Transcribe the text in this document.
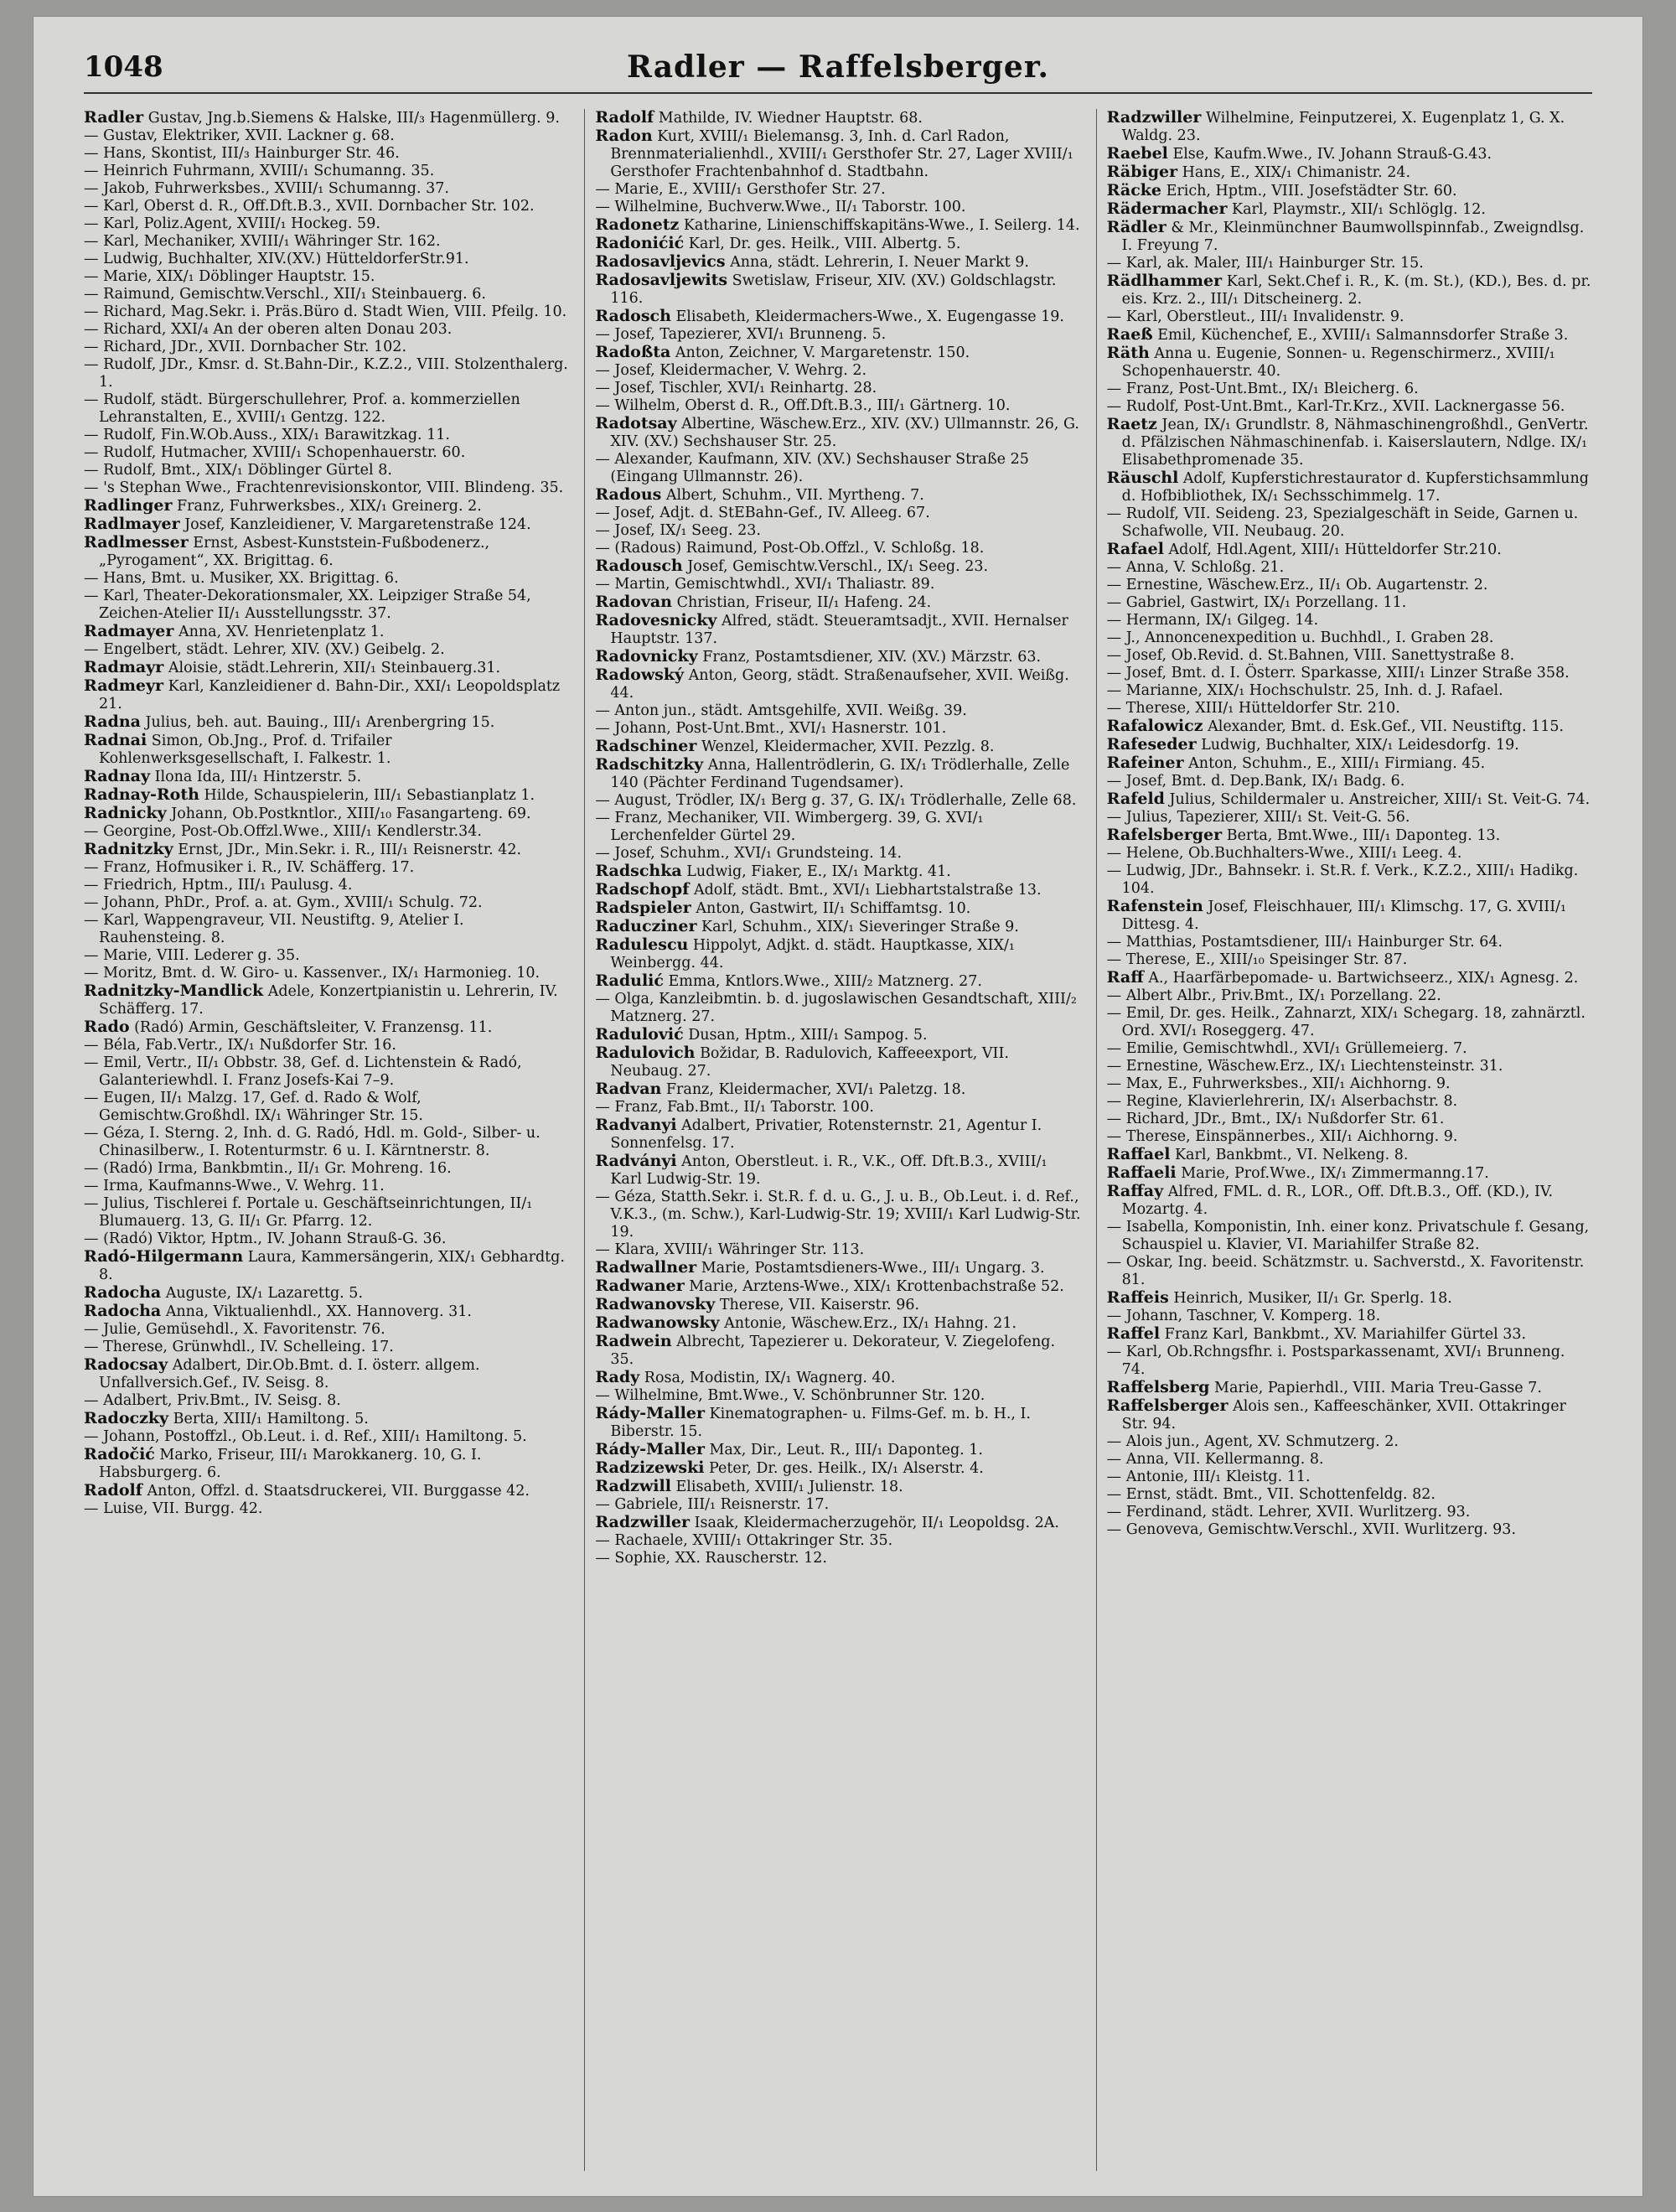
1048	Radler — Raffelsberger.

Radler Gustav, Jng.b.Siemens & Halske, III/₃ Hagenmüllerg. 9.

— Gustav, Elektriker, XVII. Lackner g. 68.

— Hans, Skontist, III/₃ Hainburger Str. 46.

— Heinrich Fuhrmann, XVIII/₁ Schumanng. 35.

— Jakob, Fuhrwerksbes., XVIII/₁ Schumanng. 37.

— Karl, Oberst d. R., Off.Dft.B.3., XVII. Dornbacher Str. 102.

— Karl, Poliz.Agent, XVIII/₁ Hockeg. 59.

— Karl, Mechaniker, XVIII/₁ Währinger Str. 162.

— Ludwig, Buchhalter, XIV.(XV.) HütteldorferStr.91.

— Marie, XIX/₁ Döblinger Hauptstr. 15.

— Raimund, Gemischtw.Verschl., XII/₁ Steinbauerg. 6.

— Richard, Mag.Sekr. i. Präs.Büro d. Stadt Wien, VIII. Pfeilg. 10.

— Richard, XXI/₄ An der oberen alten Donau 203.

— Richard, JDr., XVII. Dornbacher Str. 102.

— Rudolf, JDr., Kmsr. d. St.Bahn-Dir., K.Z.2., VIII. Stolzenthalerg. 1.

— Rudolf, städt. Bürgerschullehrer, Prof. a. kommerziellen Lehranstalten, E., XVIII/₁ Gentzg. 122.

— Rudolf, Fin.W.Ob.Auss., XIX/₁ Barawitzkag. 11.

— Rudolf, Hutmacher, XVIII/₁ Schopenhauerstr. 60.

— Rudolf, Bmt., XIX/₁ Döblinger Gürtel 8.

— 's Stephan Wwe., Frachtenrevisionskontor, VIII. Blindeng. 35.

Radlinger Franz, Fuhrwerksbes., XIX/₁ Greinerg. 2.

Radlmayer Josef, Kanzleidiener, V. Margaretenstraße 124.

Radlmesser Ernst, Asbest-Kunststein-Fußbodenerz., „Pyrogament“, XX. Brigittag. 6.

— Hans, Bmt. u. Musiker, XX. Brigittag. 6.

— Karl, Theater-Dekorationsmaler, XX. Leipziger Straße 54, Zeichen-Atelier II/₁ Ausstellungsstr. 37.

Radmayer Anna, XV. Henrietenplatz 1.

— Engelbert, städt. Lehrer, XIV. (XV.) Geibelg. 2.

Radmayr Aloisie, städt.Lehrerin, XII/₁ Steinbauerg.31.

Radmeyr Karl, Kanzleidiener d. Bahn-Dir., XXI/₁ Leopoldsplatz 21.

Radna Julius, beh. aut. Bauing., III/₁ Arenbergring 15.

Radnai Simon, Ob.Jng., Prof. d. Trifailer Kohlenwerksgesellschaft, I. Falkestr. 1.

Radnay Ilona Ida, III/₁ Hintzerstr. 5.

Radnay-Roth Hilde, Schauspielerin, III/₁ Sebastianplatz 1.

Radnicky Johann, Ob.Postkntlor., XIII/₁₀ Fasangarteng. 69.

— Georgine, Post-Ob.Offzl.Wwe., XIII/₁ Kendlerstr.34.

Radnitzky Ernst, JDr., Min.Sekr. i. R., III/₁ Reisnerstr. 42.

— Franz, Hofmusiker i. R., IV. Schäfferg. 17.

— Friedrich, Hptm., III/₁ Paulusg. 4.

— Johann, PhDr., Prof. a. at. Gym., XVIII/₁ Schulg. 72.

— Karl, Wappengraveur, VII. Neustiftg. 9, Atelier I. Rauhensteing. 8.

— Marie, VIII. Lederer g. 35.

— Moritz, Bmt. d. W. Giro- u. Kassenver., IX/₁ Harmonieg. 10.

Radnitzky-Mandlick Adele, Konzertpianistin u. Lehrerin, IV. Schäfferg. 17.

Rado (Radó) Armin, Geschäftsleiter, V. Franzensg. 11.

— Béla, Fab.Vertr., IX/₁ Nußdorfer Str. 16.

— Emil, Vertr., II/₁ Obbstr. 38, Gef. d. Lichtenstein & Radó, Galanteriewhdl. I. Franz Josefs-Kai 7–9.

— Eugen, II/₁ Malzg. 17, Gef. d. Rado & Wolf, Gemischtw.Großhdl. IX/₁ Währinger Str. 15.

— Géza, I. Sterng. 2, Inh. d. G. Radó, Hdl. m. Gold-, Silber- u. Chinasilberw., I. Rotenturmstr. 6 u. I. Kärntnerstr. 8.

— (Radó) Irma, Bankbmtin., II/₁ Gr. Mohreng. 16.

— Irma, Kaufmanns-Wwe., V. Wehrg. 11.

— Julius, Tischlerei f. Portale u. Geschäftseinrichtungen, II/₁ Blumauerg. 13, G. II/₁ Gr. Pfarrg. 12.

— (Radó) Viktor, Hptm., IV. Johann Strauß-G. 36.

Radó-Hilgermann Laura, Kammersängerin, XIX/₁ Gebhardtg. 8.

Radocha Auguste, IX/₁ Lazarettg. 5.

Radocha Anna, Viktualienhdl., XX. Hannoverg. 31.

— Julie, Gemüsehdl., X. Favoritenstr. 76.

— Therese, Grünwhdl., IV. Schelleing. 17.

Radocsay Adalbert, Dir.Ob.Bmt. d. I. österr. allgem. Unfallversich.Gef., IV. Seisg. 8.

— Adalbert, Priv.Bmt., IV. Seisg. 8.

Radoczky Berta, XIII/₁ Hamiltong. 5.

— Johann, Postoffzl., Ob.Leut. i. d. Ref., XIII/₁ Hamiltong. 5.

Radočić Marko, Friseur, III/₁ Marokkanerg. 10, G. I. Habsburgerg. 6.

Radolf Anton, Offzl. d. Staatsdruckerei, VII. Burggasse 42.

— Luise, VII. Burgg. 42.

Radolf Mathilde, IV. Wiedner Hauptstr. 68.

Radon Kurt, XVIII/₁ Bielemansg. 3, Inh. d. Carl Radon, Brennmaterialienhdl., XVIII/₁ Gersthofer Str. 27, Lager XVIII/₁ Gersthofer Frachtenbahnhof d. Stadtbahn.

— Marie, E., XVIII/₁ Gersthofer Str. 27.

— Wilhelmine, Buchverw.Wwe., II/₁ Taborstr. 100.

Radonetz Katharine, Linienschiffskapitäns-Wwe., I. Seilerg. 14.

Radonićić Karl, Dr. ges. Heilk., VIII. Albertg. 5.

Radosavljevics Anna, städt. Lehrerin, I. Neuer Markt 9.

Radosavljewits Swetislaw, Friseur, XIV. (XV.) Goldschlagstr. 116.

Radosch Elisabeth, Kleidermachers-Wwe., X. Eugengasse 19.

— Josef, Tapezierer, XVI/₁ Brunneng. 5.

Radoßta Anton, Zeichner, V. Margaretenstr. 150.

— Josef, Kleidermacher, V. Wehrg. 2.

— Josef, Tischler, XVI/₁ Reinhartg. 28.

— Wilhelm, Oberst d. R., Off.Dft.B.3., III/₁ Gärtnerg. 10.

Radotsay Albertine, Wäschew.Erz., XIV. (XV.) Ullmannstr. 26, G. XIV. (XV.) Sechshauser Str. 25.

— Alexander, Kaufmann, XIV. (XV.) Sechshauser Straße 25 (Eingang Ullmannstr. 26).

Radous Albert, Schuhm., VII. Myrtheng. 7.

— Josef, Adjt. d. StEBahn-Gef., IV. Alleeg. 67.

— Josef, IX/₁ Seeg. 23.

— (Radous) Raimund, Post-Ob.Offzl., V. Schloßg. 18.

Radousch Josef, Gemischtw.Verschl., IX/₁ Seeg. 23.

— Martin, Gemischtwhdl., XVI/₁ Thaliastr. 89.

Radovan Christian, Friseur, II/₁ Hafeng. 24.

Radovesnicky Alfred, städt. Steueramtsadjt., XVII. Hernalser Hauptstr. 137.

Radovnicky Franz, Postamtsdiener, XIV. (XV.) Märzstr. 63.

Radowský Anton, Georg, städt. Straßenaufseher, XVII. Weißg. 44.

— Anton jun., städt. Amtsgehilfe, XVII. Weißg. 39.

— Johann, Post-Unt.Bmt., XVI/₁ Hasnerstr. 101.

Radschiner Wenzel, Kleidermacher, XVII. Pezzlg. 8.

Radschitzky Anna, Hallentrödlerin, G. IX/₁ Trödlerhalle, Zelle 140 (Pächter Ferdinand Tugendsamer).

— August, Trödler, IX/₁ Berg g. 37, G. IX/₁ Trödlerhalle, Zelle 68.

— Franz, Mechaniker, VII. Wimbergerg. 39, G. XVI/₁ Lerchenfelder Gürtel 29.

— Josef, Schuhm., XVI/₁ Grundsteing. 14.

Radschka Ludwig, Fiaker, E., IX/₁ Marktg. 41.

Radschopf Adolf, städt. Bmt., XVI/₁ Liebhartstalstraße 13.

Radspieler Anton, Gastwirt, II/₁ Schiffamtsg. 10.

Raducziner Karl, Schuhm., XIX/₁ Sieveringer Straße 9.

Radulescu Hippolyt, Adjkt. d. städt. Hauptkasse, XIX/₁ Weinbergg. 44.

Radulić Emma, Kntlors.Wwe., XIII/₂ Matznerg. 27.

— Olga, Kanzleibmtin. b. d. jugoslawischen Gesandtschaft, XIII/₂ Matznerg. 27.

Radulović Dusan, Hptm., XIII/₁ Sampog. 5.

Radulovich Božidar, B. Radulovich, Kaffeeexport, VII. Neubaug. 27.

Radvan Franz, Kleidermacher, XVI/₁ Paletzg. 18.

— Franz, Fab.Bmt., II/₁ Taborstr. 100.

Radvanyi Adalbert, Privatier, Rotensternstr. 21, Agentur I. Sonnenfelsg. 17.

Radványi Anton, Oberstleut. i. R., V.K., Off. Dft.B.3., XVIII/₁ Karl Ludwig-Str. 19.

— Géza, Statth.Sekr. i. St.R. f. d. u. G., J. u. B., Ob.Leut. i. d. Ref., V.K.3., (m. Schw.), Karl-Ludwig-Str. 19; XVIII/₁ Karl Ludwig-Str. 19.

— Klara, XVIII/₁ Währinger Str. 113.

Radwallner Marie, Postamtsdieners-Wwe., III/₁ Ungarg. 3.

Radwaner Marie, Arztens-Wwe., XIX/₁ Krottenbachstraße 52.

Radwanovsky Therese, VII. Kaiserstr. 96.

Radwanowsky Antonie, Wäschew.Erz., IX/₁ Hahng. 21.

Radwein Albrecht, Tapezierer u. Dekorateur, V. Ziegelofeng. 35.

Rady Rosa, Modistin, IX/₁ Wagnerg. 40.

— Wilhelmine, Bmt.Wwe., V. Schönbrunner Str. 120.

Rády-Maller Kinematographen- u. Films-Gef. m. b. H., I. Biberstr. 15.

Rády-Maller Max, Dir., Leut. R., III/₁ Daponteg. 1.

Radzizewski Peter, Dr. ges. Heilk., IX/₁ Alserstr. 4.

Radzwill Elisabeth, XVIII/₁ Julienstr. 18.

— Gabriele, III/₁ Reisnerstr. 17.

Radzwiller Isaak, Kleidermacherzugehör, II/₁ Leopoldsg. 2A.

— Rachaele, XVIII/₁ Ottakringer Str. 35.

— Sophie, XX. Rauscherstr. 12.

Radzwiller Wilhelmine, Feinputzerei, X. Eugenplatz 1, G. X. Waldg. 23.

Raebel Else, Kaufm.Wwe., IV. Johann Strauß-G.43.

Räbiger Hans, E., XIX/₁ Chimanistr. 24.

Räcke Erich, Hptm., VIII. Josefstädter Str. 60.

Rädermacher Karl, Playmstr., XII/₁ Schlöglg. 12.

Rädler & Mr., Kleinmünchner Baumwollspinnfab., Zweigndlsg. I. Freyung 7.

— Karl, ak. Maler, III/₁ Hainburger Str. 15.

Rädlhammer Karl, Sekt.Chef i. R., K. (m. St.), (KD.), Bes. d. pr. eis. Krz. 2., III/₁ Ditscheinerg. 2.

— Karl, Oberstleut., III/₁ Invalidenstr. 9.

Raeß Emil, Küchenchef, E., XVIII/₁ Salmannsdorfer Straße 3.

Räth Anna u. Eugenie, Sonnen- u. Regenschirmerz., XVIII/₁ Schopenhauerstr. 40.

— Franz, Post-Unt.Bmt., IX/₁ Bleicherg. 6.

— Rudolf, Post-Unt.Bmt., Karl-Tr.Krz., XVII. Lacknergasse 56.

Raetz Jean, IX/₁ Grundlstr. 8, Nähmaschinengroßhdl., GenVertr. d. Pfälzischen Nähmaschinenfab. i. Kaiserslautern, Ndlge. IX/₁ Elisabethpromenade 35.

Räuschl Adolf, Kupferstichrestaurator d. Kupferstichsammlung d. Hofbibliothek, IX/₁ Sechsschimmelg. 17.

— Rudolf, VII. Seideng. 23, Spezialgeschäft in Seide, Garnen u. Schafwolle, VII. Neubaug. 20.

Rafael Adolf, Hdl.Agent, XIII/₁ Hütteldorfer Str.210.

— Anna, V. Schloßg. 21.

— Ernestine, Wäschew.Erz., II/₁ Ob. Augartenstr. 2.

— Gabriel, Gastwirt, IX/₁ Porzellang. 11.

— Hermann, IX/₁ Gilgeg. 14.

— J., Annoncenexpedition u. Buchhdl., I. Graben 28.

— Josef, Ob.Revid. d. St.Bahnen, VIII. Sanettystraße 8.

— Josef, Bmt. d. I. Österr. Sparkasse, XIII/₁ Linzer Straße 358.

— Marianne, XIX/₁ Hochschulstr. 25, Inh. d. J. Rafael.

— Therese, XIII/₁ Hütteldorfer Str. 210.

Rafalowicz Alexander, Bmt. d. Esk.Gef., VII. Neustiftg. 115.

Rafeseder Ludwig, Buchhalter, XIX/₁ Leidesdorfg. 19.

Rafeiner Anton, Schuhm., E., XIII/₁ Firmiang. 45.

— Josef, Bmt. d. Dep.Bank, IX/₁ Badg. 6.

Rafeld Julius, Schildermaler u. Anstreicher, XIII/₁ St. Veit-G. 74.

— Julius, Tapezierer, XIII/₁ St. Veit-G. 56.

Rafelsberger Berta, Bmt.Wwe., III/₁ Daponteg. 13.

— Helene, Ob.Buchhalters-Wwe., XIII/₁ Leeg. 4.

— Ludwig, JDr., Bahnsekr. i. St.R. f. Verk., K.Z.2., XIII/₁ Hadikg. 104.

Rafenstein Josef, Fleischhauer, III/₁ Klimschg. 17, G. XVIII/₁ Dittesg. 4.

— Matthias, Postamtsdiener, III/₁ Hainburger Str. 64.

— Therese, E., XIII/₁₀ Speisinger Str. 87.

Raff A., Haarfärbepomade- u. Bartwichseerz., XIX/₁ Agnesg. 2.

— Albert Albr., Priv.Bmt., IX/₁ Porzellang. 22.

— Emil, Dr. ges. Heilk., Zahnarzt, XIX/₁ Schegarg. 18, zahnärztl. Ord. XVI/₁ Roseggerg. 47.

— Emilie, Gemischtwhdl., XVI/₁ Grüllemeierg. 7.

— Ernestine, Wäschew.Erz., IX/₁ Liechtensteinstr. 31.

— Max, E., Fuhrwerksbes., XII/₁ Aichhorng. 9.

— Regine, Klavierlehrerin, IX/₁ Alserbachstr. 8.

— Richard, JDr., Bmt., IX/₁ Nußdorfer Str. 61.

— Therese, Einspännerbes., XII/₁ Aichhorng. 9.

Raffael Karl, Bankbmt., VI. Nelkeng. 8.

Raffaeli Marie, Prof.Wwe., IX/₁ Zimmermanng.17.

Raffay Alfred, FML. d. R., LOR., Off. Dft.B.3., Off. (KD.), IV. Mozartg. 4.

— Isabella, Komponistin, Inh. einer konz. Privatschule f. Gesang, Schauspiel u. Klavier, VI. Mariahilfer Straße 82.

— Oskar, Ing. beeid. Schätzmstr. u. Sachverstd., X. Favoritenstr. 81.

Raffeis Heinrich, Musiker, II/₁ Gr. Sperlg. 18.

— Johann, Taschner, V. Komperg. 18.

Raffel Franz Karl, Bankbmt., XV. Mariahilfer Gürtel 33.

— Karl, Ob.Rchngsfhr. i. Postsparkassenamt, XVI/₁ Brunneng. 74.

Raffelsberg Marie, Papierhdl., VIII. Maria Treu-Gasse 7.

Raffelsberger Alois sen., Kaffeeschänker, XVII. Ottakringer Str. 94.

— Alois jun., Agent, XV. Schmutzerg. 2.

— Anna, VII. Kellermanng. 8.

— Antonie, III/₁ Kleistg. 11.

— Ernst, städt. Bmt., VII. Schottenfeldg. 82.

— Ferdinand, städt. Lehrer, XVII. Wurlitzerg. 93.

— Genoveva, Gemischtw.Verschl., XVII. Wurlitzerg. 93.
